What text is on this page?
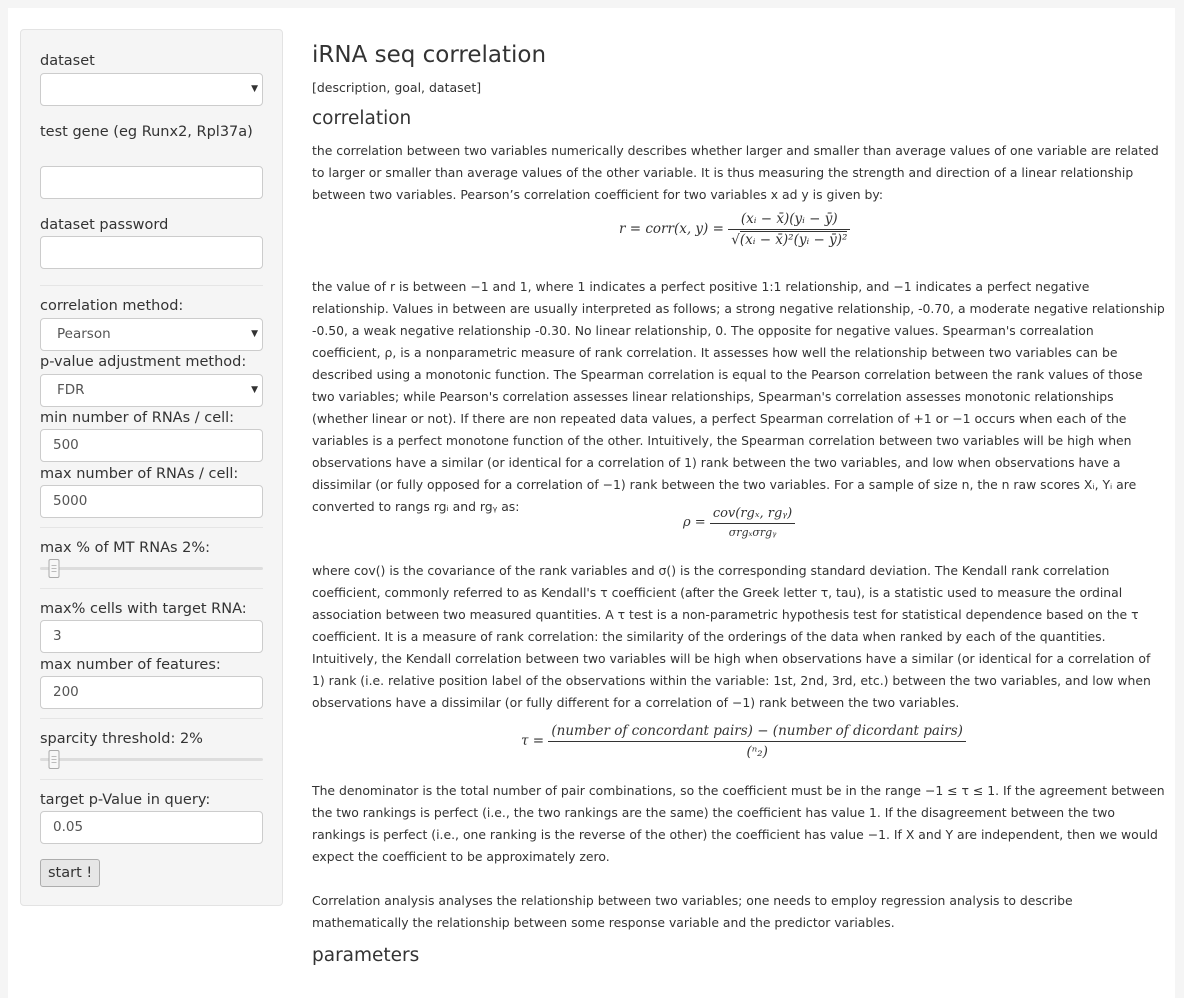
dataset
▼
test gene (eg Runx2, Rpl37a)
dataset password
correlation method:
Pearson	▼
p-value adjustment method:
FDR	▼
min number of RNAs / cell:
500
max number of RNAs / cell:
5000
max % of MT RNAs 2%:
max% cells with target RNA:
3
max number of features:
200
sparcity threshold: 2%
target p-Value in query:
0.05
start !
iRNA seq correlation
[description, goal, dataset]
correlation

the correlation between two variables numerically describes whether larger and smaller than average values of one variable are related to larger or smaller than average values of the other variable. It is thus measuring the strength and direction of a linear relationship between two variables. Pearson’s correlation coefficient for two variables x ad y is given by:

r = corr(x, $y) = \frac{\text{(xᵢ − x̄)(yᵢ − ȳ)}}{\text{√(xᵢ − x̄)²(yᵢ − ȳ)²}}$

the value of r is between −1 and 1, where 1 indicates a perfect positive 1:1 relationship, and −1 indicates a perfect negative relationship. Values in between are usually interpreted as follows; a strong negative relationship, -0.70, a moderate negative relationship -0.50, a weak negative relationship -0.30. No linear relationship, 0. The opposite for negative values. Spearman's correalation coefficient, ρ, is a nonparametric measure of rank correlation. It assesses how well the relationship between two variables can be described using a monotonic function. The Spearman correlation is equal to the Pearson correlation between the rank values of those two variables; while Pearson's correlation assesses linear relationships, Spearman's correlation assesses monotonic relationships (whether linear or not). If there are non repeated data values, a perfect Spearman correlation of +1 or −1 occurs when each of the variables is a perfect monotone function of the other. Intuitively, the Spearman correlation between two variables will be high when observations have a similar (or identical for a correlation of 1) rank between the two variables, and low when observations have a dissimilar (or fully opposed for a correlation of −1) rank between the two variables. For a sample of size n, the n raw scores Xᵢ, Yᵢ are converted to rangs rgᵢ and rgᵧ as:

$\rho = \frac{\text{cov(rgₓ, rgᵧ)}}{\text{σrgₓσrgᵧ}}$

where cov() is the covariance of the rank variables and σ() is the corresponding standard deviation. The Kendall rank correlation coefficient, commonly referred to as Kendall's τ coefficient (after the Greek letter τ, tau), is a statistic used to measure the ordinal association between two measured quantities. A τ test is a non-parametric hypothesis test for statistical dependence based on the τ coefficient. It is a measure of rank correlation: the similarity of the orderings of the data when ranked by each of the quantities. Intuitively, the Kendall correlation between two variables will be high when observations have a similar (or identical for a correlation of 1) rank (i.e. relative position label of the observations within the variable: 1st, 2nd, 3rd, etc.) between the two variables, and low when observations have a dissimilar (or fully different for a correlation of −1) rank between the two variables.

$\tau = \frac{\text{(number of concordant pairs) − (number of dicordant pairs)}}{\text{(ⁿ₂)}}$

The denominator is the total number of pair combinations, so the coefficient must be in the range −1 ≤ τ ≤ 1. If the agreement between the two rankings is perfect (i.e., the two rankings are the same) the coefficient has value 1. If the disagreement between the two rankings is perfect (i.e., one ranking is the reverse of the other) the coefficient has value −1. If X and Y are independent, then we would expect the coefficient to be approximately zero.

Correlation analysis analyses the relationship between two variables; one needs to employ regression analysis to describe mathematically the relationship between some response variable and the predictor variables.

parameters
